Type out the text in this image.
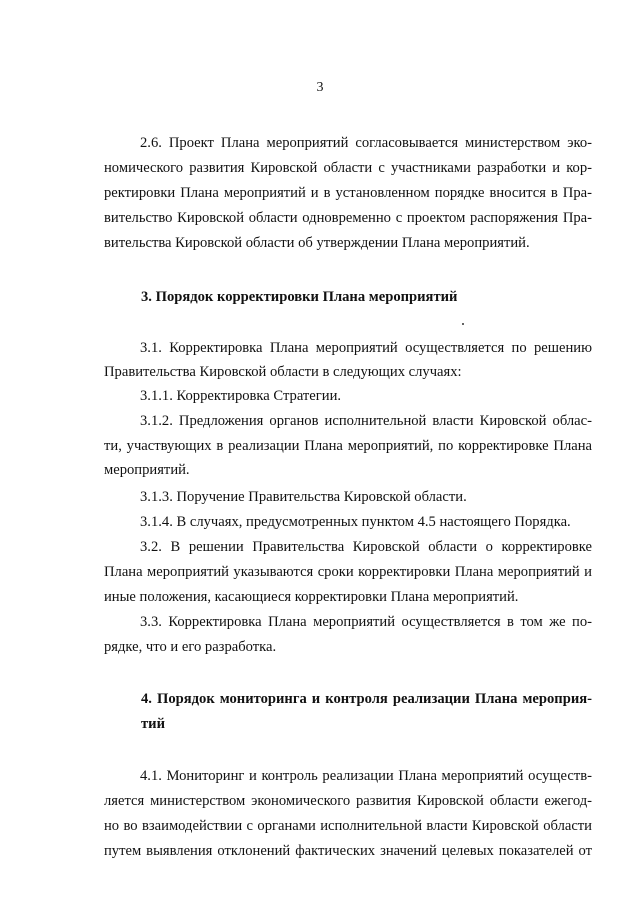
3
2.6. Проект Плана мероприятий согласовывается министерством эко-
номического развития Кировской области с участниками разработки и кор-
ректировки Плана мероприятий и в установленном порядке вносится в Пра-
вительство Кировской области одновременно с проектом распоряжения Пра-
вительства Кировской области об утверждении Плана мероприятий.
3. Порядок корректировки Плана мероприятий
3.1. Корректировка Плана мероприятий осуществляется по решению
Правительства Кировской области в следующих случаях:
3.1.1. Корректировка Стратегии.
3.1.2. Предложения органов исполнительной власти Кировской облас-
ти, участвующих в реализации Плана мероприятий, по корректировке Плана
мероприятий.
3.1.3. Поручение Правительства Кировской области.
3.1.4. В случаях, предусмотренных пунктом 4.5 настоящего Порядка.
3.2. В решении Правительства Кировской области о корректировке
Плана мероприятий указываются сроки корректировки Плана мероприятий и
иные положения, касающиеся корректировки Плана мероприятий.
3.3. Корректировка Плана мероприятий осуществляется в том же по-
рядке, что и его разработка.
4. Порядок мониторинга и контроля реализации Плана мероприя-
тий
4.1. Мониторинг и контроль реализации Плана мероприятий осуществ-
ляется министерством экономического развития Кировской области ежегод-
но во взаимодействии с органами исполнительной власти Кировской области
путем выявления отклонений фактических значений целевых показателей от
